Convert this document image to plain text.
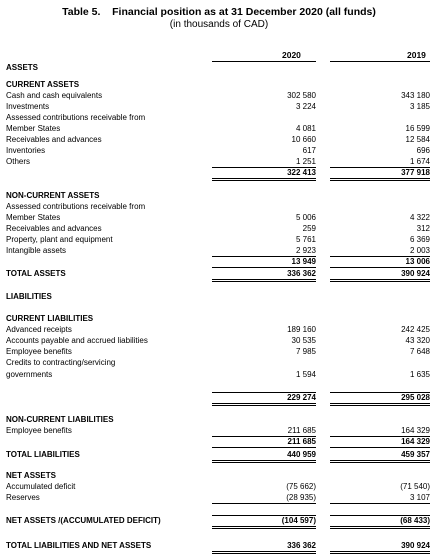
Table 5.    Financial position as at 31 December 2020 (all funds)
(in thousands of CAD)
2020	2019
ASSETS
CURRENT ASSETS
Cash and cash equivalents	302 580	343 180
Investments	3 224	3 185
Assessed contributions receivable from
Member States	4 081	16 599
Receivables and advances	10 660	12 584
Inventories	617	696
Others	1 251	1 674
322 413	377 918
NON-CURRENT ASSETS
Assessed contributions receivable from
Member States	5 006	4 322
Receivables and advances	259	312
Property, plant and equipment	5 761	6 369
Intangible assets	2 923	2 003
13 949	13 006
TOTAL ASSETS	336 362	390 924
LIABILITIES
CURRENT LIABILITIES
Advanced receipts	189 160	242 425
Accounts payable and accrued liabilities	30 535	43 320
Employee benefits	7 985	7 648
Credits to contracting/servicing
governments	1 594	1 635
229 274	295 028
NON-CURRENT LIABILITIES
Employee benefits	211 685	164 329
211 685	164 329
TOTAL LIABILITIES	440 959	459 357
NET ASSETS
Accumulated deficit	(75 662)	(71 540)
Reserves	(28 935)	3 107
NET ASSETS /(ACCUMULATED DEFICIT)	(104 597)	(68 433)
TOTAL LIABILITIES AND NET ASSETS	336 362	390 924
